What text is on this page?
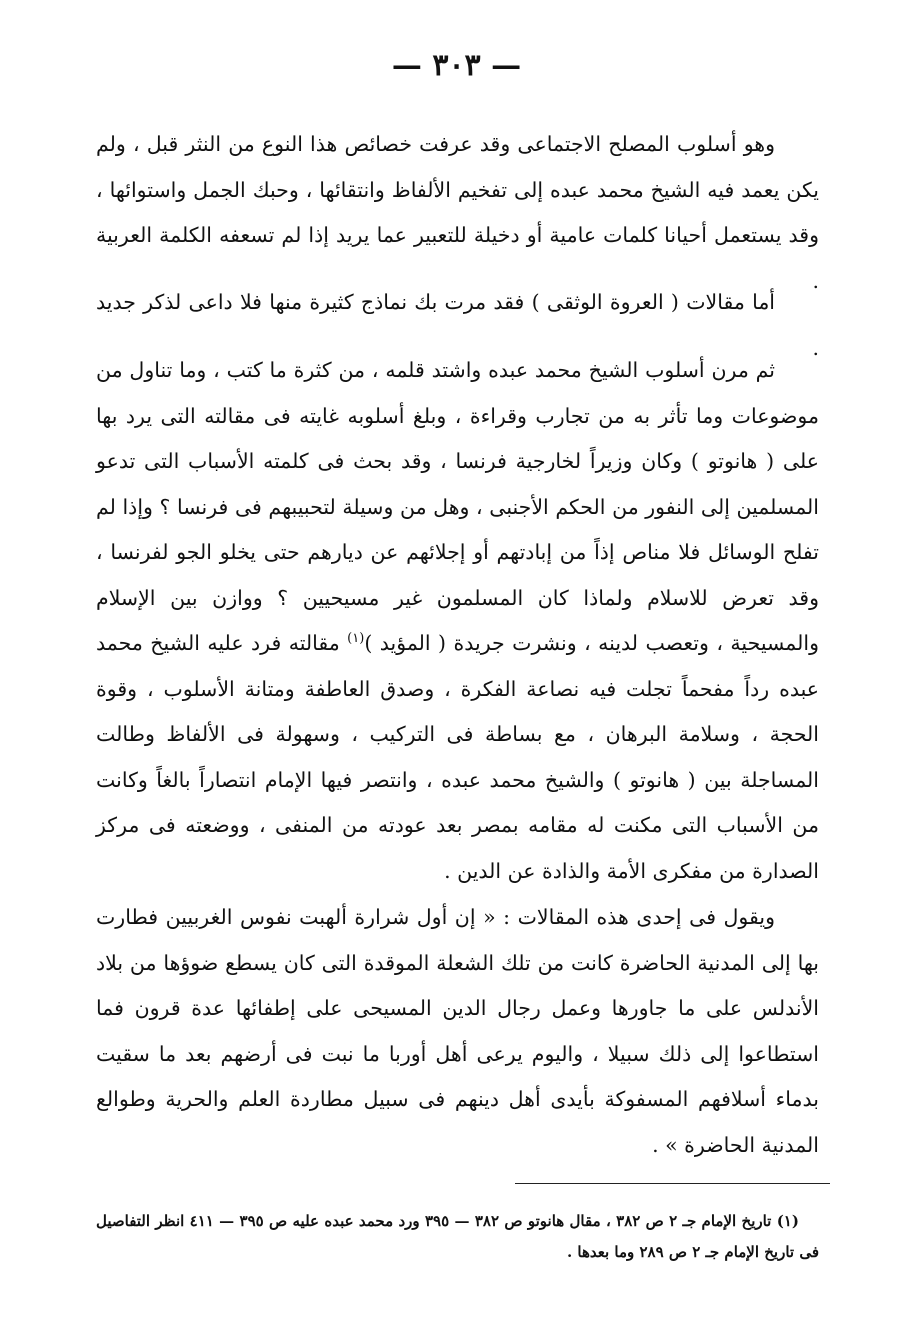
— ٣٠٣ —

وهو أسلوب المصلح الاجتماعى وقد عرفت خصائص هذا النوع من النثر قبل ، ولم يكن يعمد فيه الشيخ محمد عبده إلى تفخيم الألفاظ وانتقائها ، وحبك الجمل واستوائها ، وقد يستعمل أحيانا كلمات عامية أو دخيلة للتعبير عما يريد إذا لم تسعفه الكلمة العربية .

أما مقالات ( العروة الوثقى ) فقد مرت بك نماذج كثيرة منها فلا داعى لذكر جديد .

ثم مرن أسلوب الشيخ محمد عبده واشتد قلمه ، من كثرة ما كتب ، وما تناول من موضوعات وما تأثر به من تجارب وقراءة ، وبلغ أسلوبه غايته فى مقالته التى يرد بها على ( هانوتو ) وكان وزيراً لخارجية فرنسا ، وقد بحث فى كلمته الأسباب التى تدعو المسلمين إلى النفور من الحكم الأجنبى ، وهل من وسيلة لتحبيبهم فى فرنسا ؟ وإذا لم تفلح الوسائل فلا مناص إذاً من إبادتهم أو إجلائهم عن ديارهم حتى يخلو الجو لفرنسا ، وقد تعرض للاسلام ولماذا كان المسلمون غير مسيحيين ؟ ووازن بين الإسلام والمسيحية ، وتعصب لدينه ، ونشرت جريدة ( المؤيد )$^{(١)}$ مقالته فرد عليه الشيخ محمد عبده رداً مفحماً تجلت فيه نصاعة الفكرة ، وصدق العاطفة ومتانة الأسلوب ، وقوة الحجة ، وسلامة البرهان ، مع بساطة فى التركيب ، وسهولة فى الألفاظ وطالت المساجلة بين ( هانوتو ) والشيخ محمد عبده ، وانتصر فيها الإمام انتصاراً بالغاً وكانت من الأسباب التى مكنت له مقامه بمصر بعد عودته من المنفى ، ووضعته فى مركز الصدارة من مفكرى الأمة والذادة عن الدين .

ويقول فى إحدى هذه المقالات : « إن أول شرارة ألهبت نفوس الغربيين فطارت بها إلى المدنية الحاضرة كانت من تلك الشعلة الموقدة التى كان يسطع ضوؤها من بلاد الأندلس على ما جاورها وعمل رجال الدين المسيحى على إطفائها عدة قرون فما استطاعوا إلى ذلك سبيلا ، واليوم يرعى أهل أوربا ما نبت فى أرضهم بعد ما سقيت بدماء أسلافهم المسفوكة بأيدى أهل دينهم فى سبيل مطاردة العلم والحرية وطوالع المدنية الحاضرة » .

(١) تاريخ الإمام جـ ٢ ص ٣٨٢ ، مقال هانوتو ص ٣٨٢ — ٣٩٥ ورد محمد عبده عليه ص ٣٩٥ — ٤١١ انظر التفاصيل فى تاريخ الإمام جـ ٢ ص ٢٨٩ وما بعدها .
